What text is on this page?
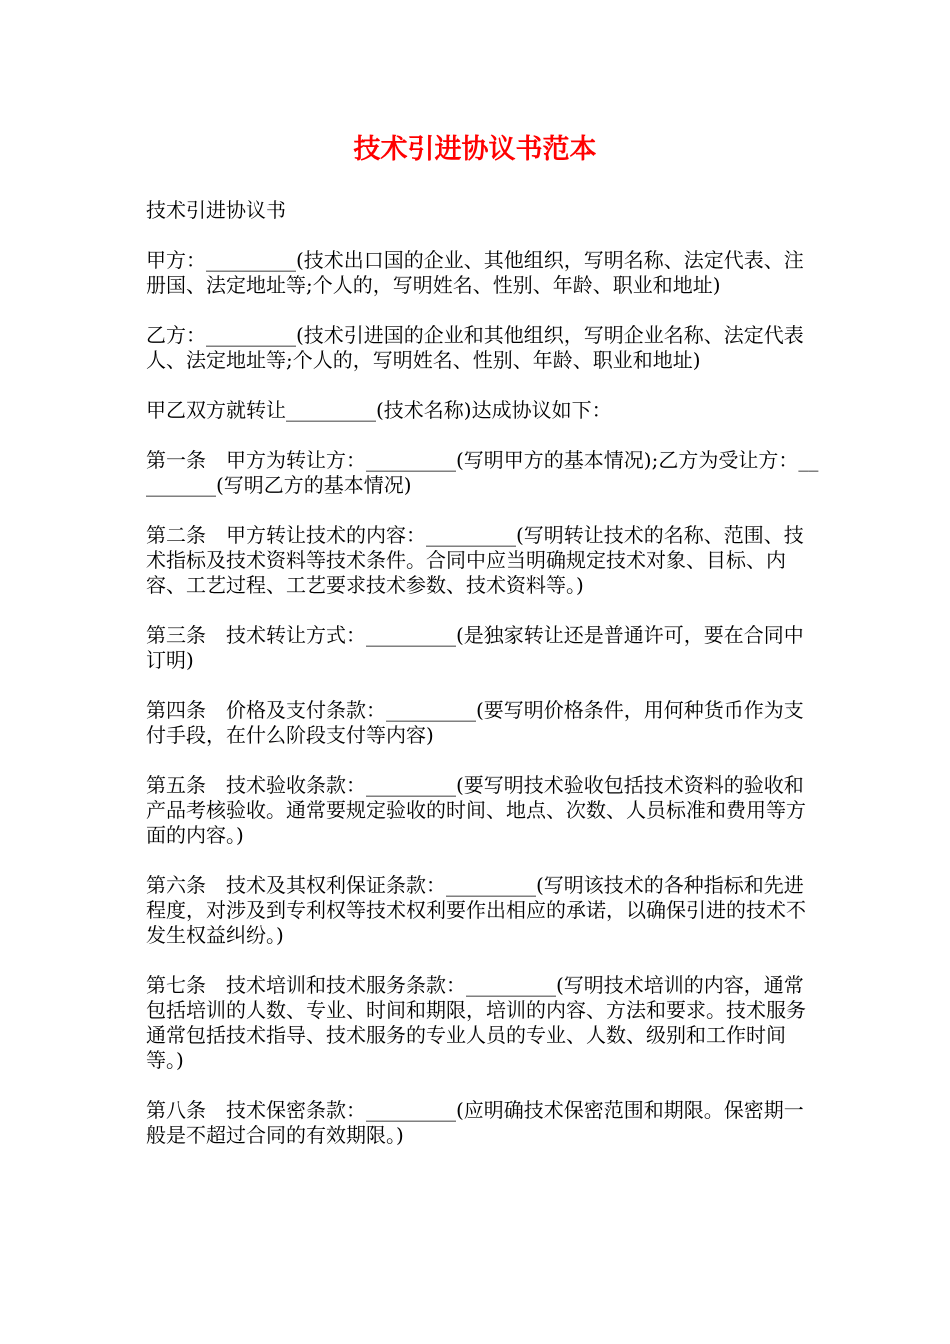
技术引进协议书范本

技术引进协议书

甲方：_________(技术出口国的企业、其他组织，写明名称、法定代表、注册国、法定地址等;个人的，写明姓名、性别、年龄、职业和地址)

乙方：_________(技术引进国的企业和其他组织，写明企业名称、法定代表人、法定地址等;个人的，写明姓名、性别、年龄、职业和地址)

甲乙双方就转让_________(技术名称)达成协议如下：

第一条　甲方为转让方：_________(写明甲方的基本情况);乙方为受让方：_________(写明乙方的基本情况)

第二条　甲方转让技术的内容：_________(写明转让技术的名称、范围、技术指标及技术资料等技术条件。合同中应当明确规定技术对象、目标、内容、工艺过程、工艺要求技术参数、技术资料等。)

第三条　技术转让方式：_________(是独家转让还是普通许可，要在合同中订明)

第四条　价格及支付条款：_________(要写明价格条件，用何种货币作为支付手段，在什么阶段支付等内容)

第五条　技术验收条款：_________(要写明技术验收包括技术资料的验收和产品考核验收。通常要规定验收的时间、地点、次数、人员标准和费用等方面的内容。)

第六条　技术及其权利保证条款：_________(写明该技术的各种指标和先进程度，对涉及到专利权等技术权利要作出相应的承诺，以确保引进的技术不发生权益纠纷。)

第七条　技术培训和技术服务条款：_________(写明技术培训的内容，通常包括培训的人数、专业、时间和期限，培训的内容、方法和要求。技术服务通常包括技术指导、技术服务的专业人员的专业、人数、级别和工作时间等。)

第八条　技术保密条款：_________(应明确技术保密范围和期限。保密期一般是不超过合同的有效期限。)
